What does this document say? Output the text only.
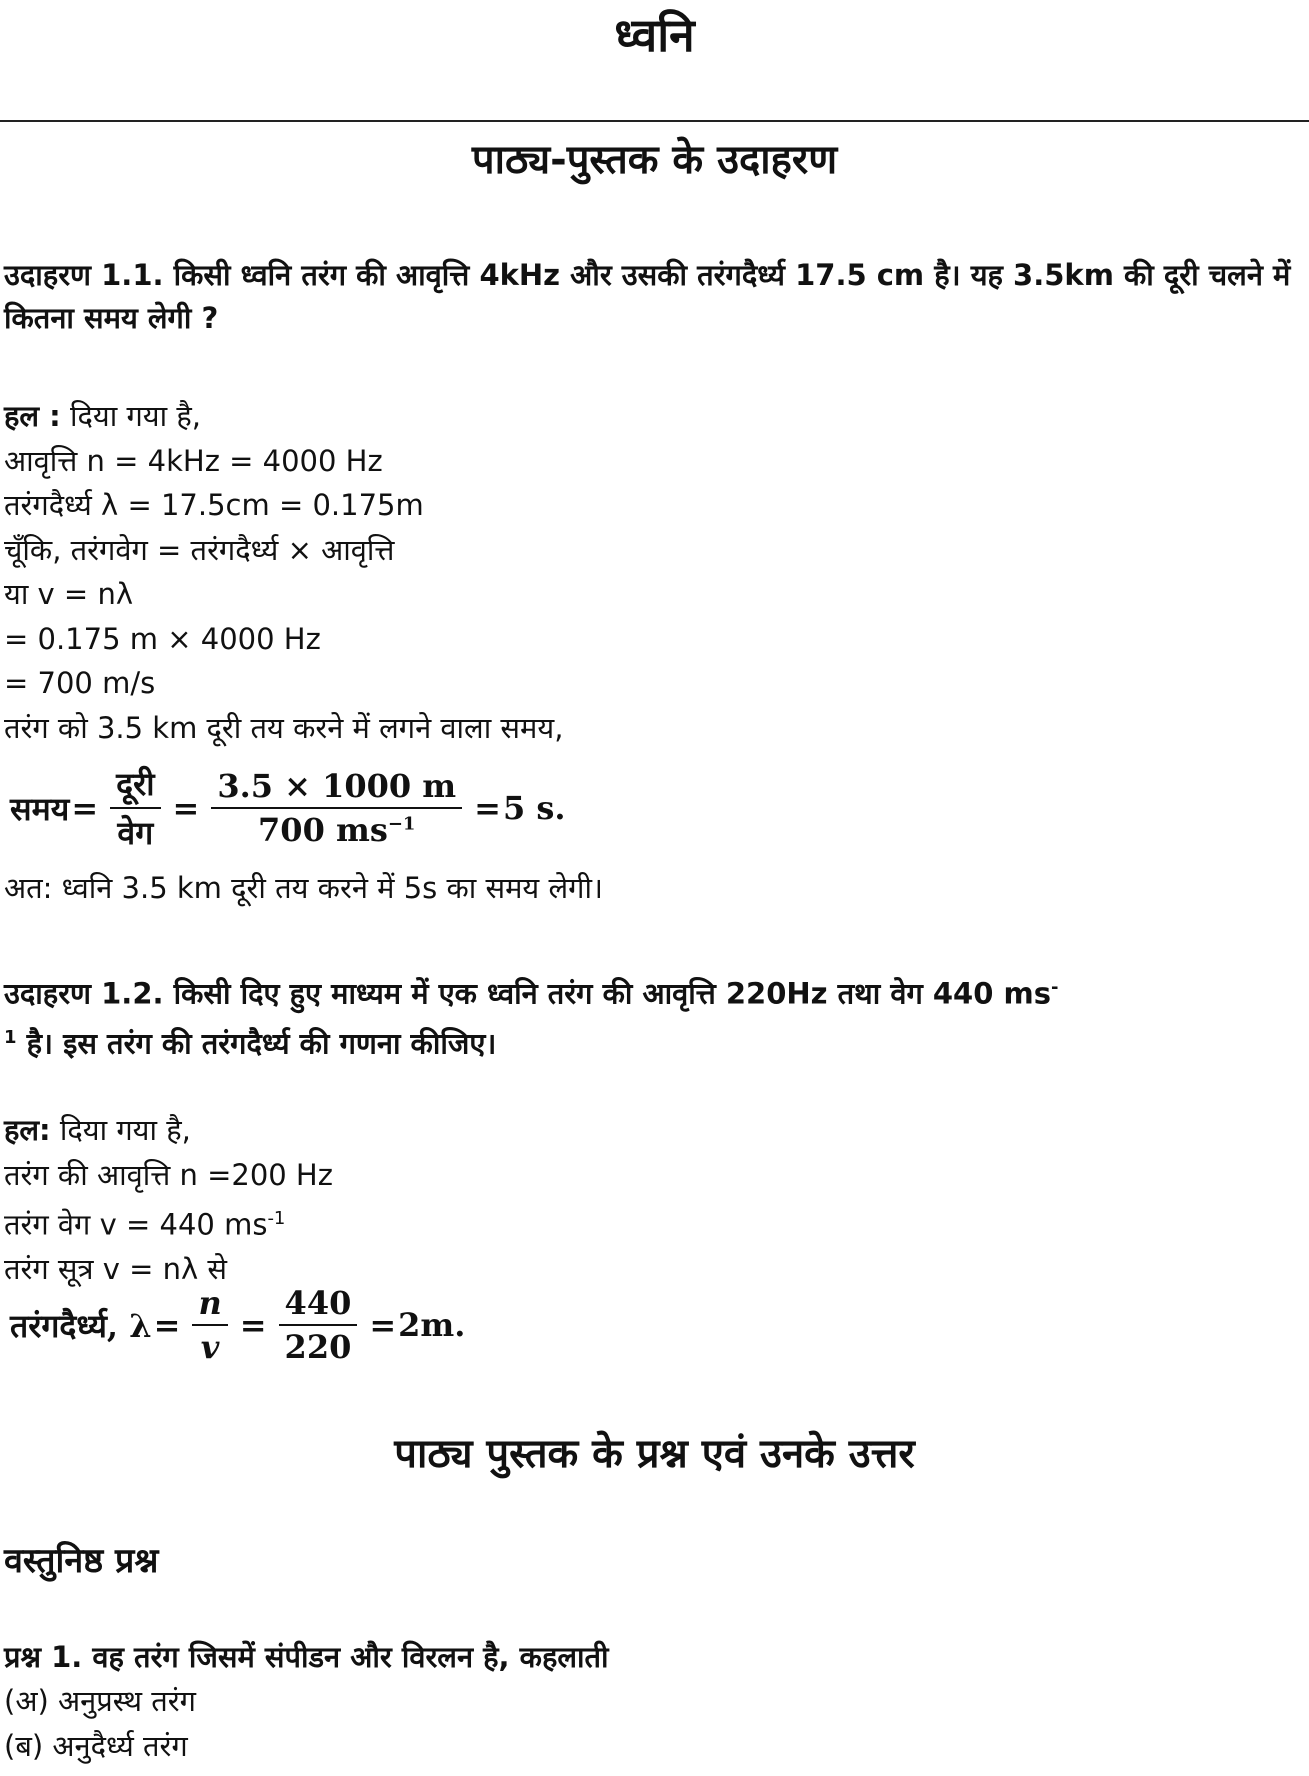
ध्वनि
पाठ्य-पुस्तक के उदाहरण
उदाहरण 1.1. किसी ध्वनि तरंग की आवृत्ति 4kHz और उसकी तरंगदैर्ध्य 17.5 cm है। यह 3.5km की दूरी चलने में कितना समय लेगी ?
हल : दिया गया है,
आवृत्ति n = 4kHz = 4000 Hz
तरंगदैर्ध्य λ = 17.5cm = 0.175m
चूँकि, तरंगवेग = तरंगदैर्ध्य × आवृत्ति
या v = nλ
= 0.175 m × 4000 Hz
= 700 m/s
तरंग को 3.5 km दूरी तय करने में लगने वाला समय,
समय = $\frac{\text{दूरी}}{\text{वेग}} = \frac{3.5 \times 1000 m}{700 ms^{-1}} = 5$ s.
अत: ध्वनि 3.5 km दूरी तय करने में 5s का समय लेगी।
उदाहरण 1.2. किसी दिए हुए माध्यम में एक ध्वनि तरंग की आवृत्ति 220Hz तथा वेग 440 ms-
$^1$ है। इस तरंग की तरंगदैर्ध्य की गणना कीजिए।
हल: दिया गया है,
तरंग की आवृत्ति n =200 Hz
तरंग वेग v = 440 $ms^{-1}$
तरंग सूत्र v = nλ से
तरंगदैर्ध्य, $\lambda = \frac{n}{v} = \frac{440}{220} = 2m$.
पाठ्य पुस्तक के प्रश्न एवं उनके उत्तर
वस्तुनिष्ठ प्रश्न
प्रश्न 1. वह तरंग जिसमें संपीडन और विरलन है, कहलाती
(अ) अनुप्रस्थ तरंग
(ब) अनुदैर्ध्य तरंग
